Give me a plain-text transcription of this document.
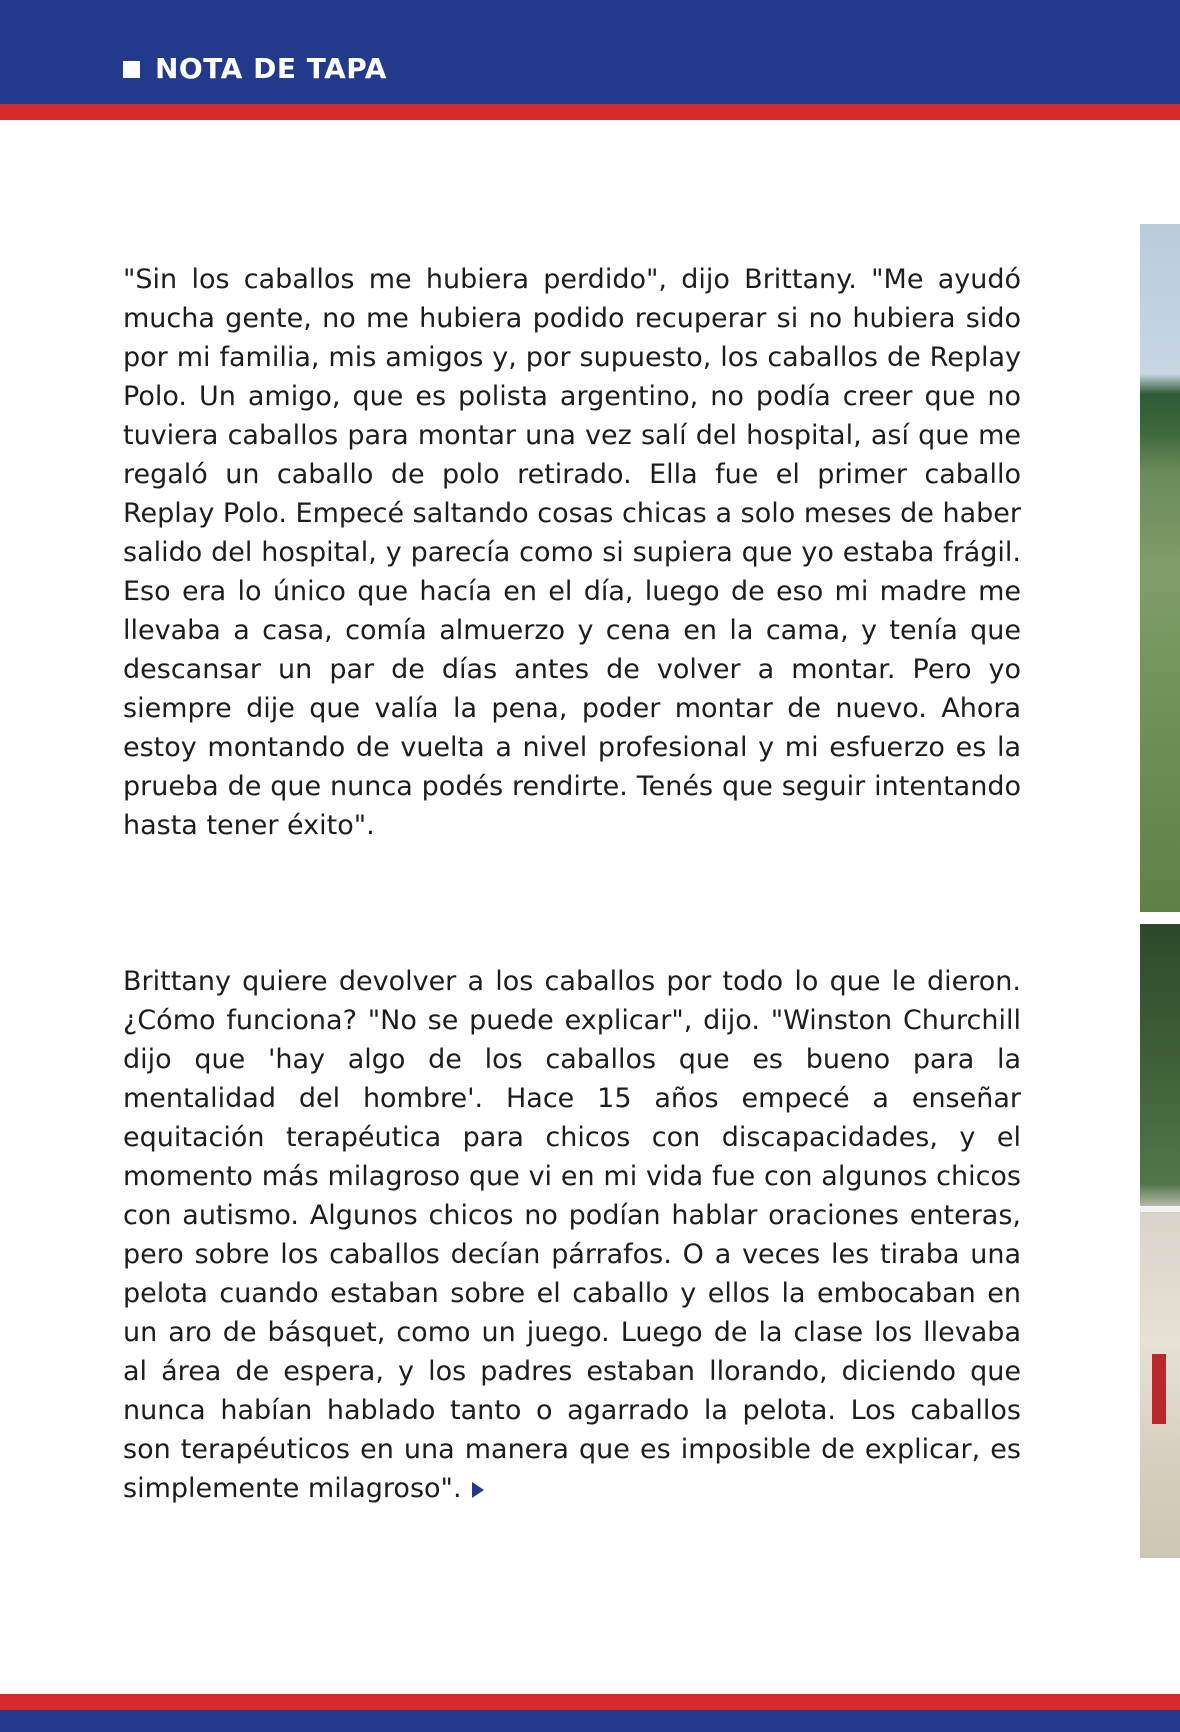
NOTA DE TAPA

"Sin los caballos me hubiera perdido", dijo Brittany. "Me ayudó mucha gente, no me hubiera podido recuperar si no hubiera sido por mi familia, mis amigos y, por supuesto, los caballos de Replay Polo. Un amigo, que es polista argentino, no podía creer que no tuviera caballos para montar una vez salí del hospital, así que me regaló un caballo de polo retirado. Ella fue el primer caballo Replay Polo. Empecé saltando cosas chicas a solo meses de haber salido del hospital, y parecía como si supiera que yo estaba frágil. Eso era lo único que hacía en el día, luego de eso mi madre me llevaba a casa, comía almuerzo y cena en la cama, y tenía que descansar un par de días antes de volver a montar. Pero yo siempre dije que valía la pena, poder montar de nuevo. Ahora estoy montando de vuelta a nivel profesional y mi esfuerzo es la prueba de que nunca podés rendirte. Tenés que seguir intentando hasta tener éxito".

Brittany quiere devolver a los caballos por todo lo que le dieron. ¿Cómo funciona? "No se puede explicar", dijo. "Winston Churchill dijo que 'hay algo de los caballos que es bueno para la mentalidad del hombre'. Hace 15 años empecé a enseñar equitación terapéutica para chicos con discapacidades, y el momento más milagroso que vi en mi vida fue con algunos chicos con autismo. Algunos chicos no podían hablar oraciones enteras, pero sobre los caballos decían párrafos. O a veces les tiraba una pelota cuando estaban sobre el caballo y ellos la embocaban en un aro de básquet, como un juego. Luego de la clase los llevaba al área de espera, y los padres estaban llorando, diciendo que nunca habían hablado tanto o agarrado la pelota. Los caballos son terapéuticos en una manera que es imposible de explicar, es simplemente milagroso".
